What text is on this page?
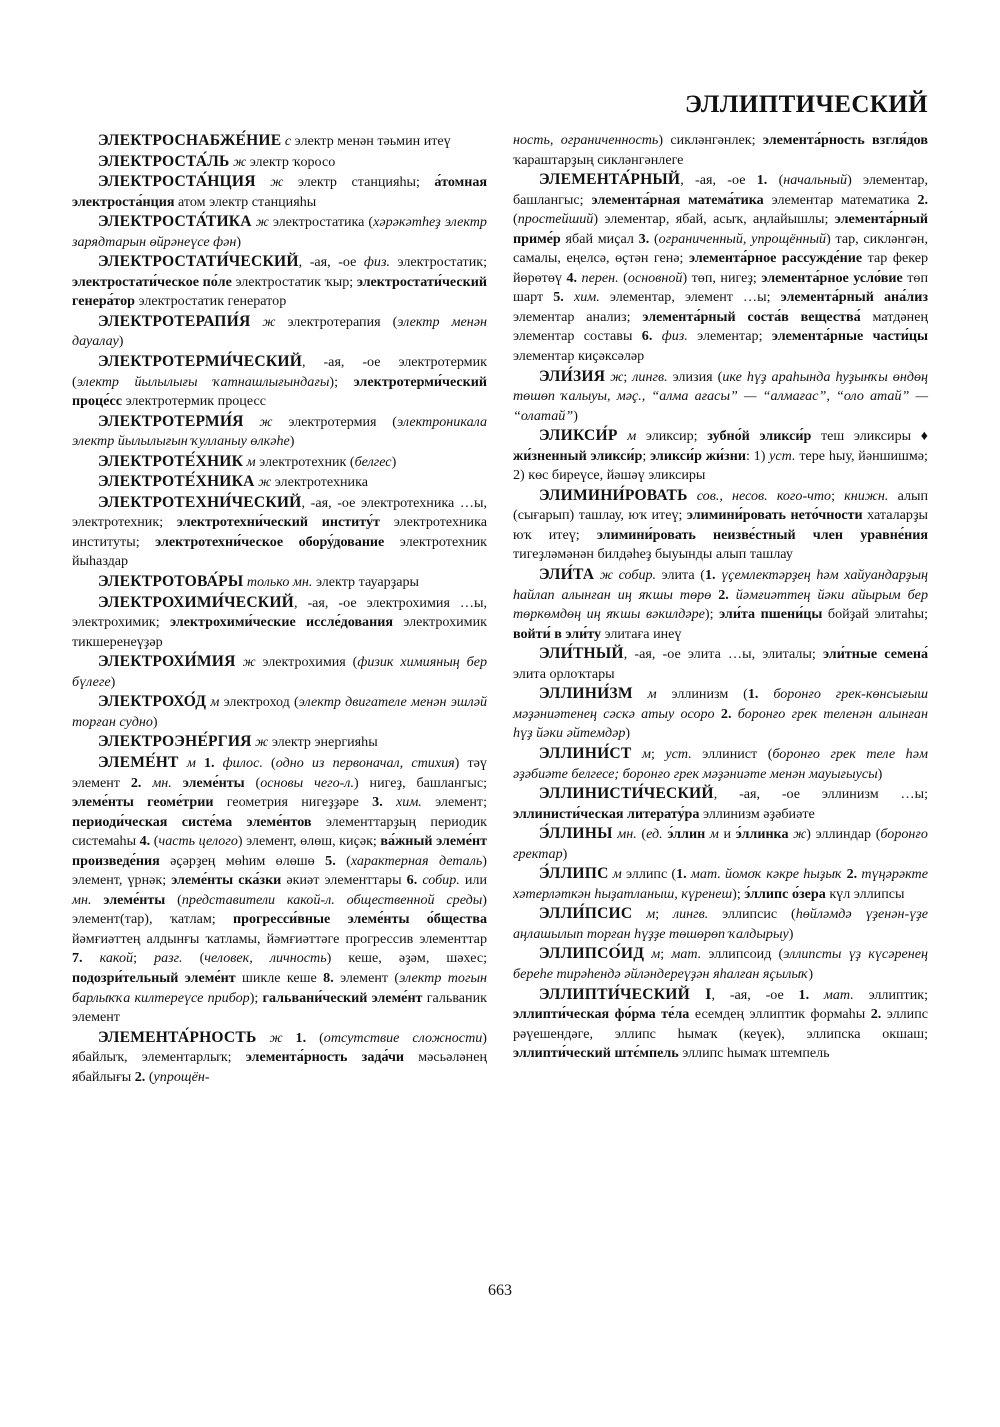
ЭЛЛИПТИЧЕСКИЙ

ЭЛЕКТРОСНАБЖЕ́НИЕ с электр менән тәьмин итеү

ЭЛЕКТРОСТА́ЛЬ ж электр ҡоросо

ЭЛЕКТРОСТА́НЦИЯ ж электр станцияһы; а́томная электроста́нция атом электр станцияһы

ЭЛЕКТРОСТА́ТИКА ж электростатика (хәрәкәтһеҙ электр зарядтарын өйрәнеүсе фән)

ЭЛЕКТРОСТАТИ́ЧЕСКИЙ, -ая, -ое физ. электростатик; электростати́ческое по́ле электростатик ҡыр; электростати́ческий генера́тор электростатик генератор

ЭЛЕКТРОТЕРАПИ́Я ж электротерапия (электр менән дауалау)

ЭЛЕКТРОТЕРМИ́ЧЕСКИЙ, -ая, -ое электротермик (электр йылылығы ҡатнашлығындағы); электротерми́ческий проце́сс электротермик процесс

ЭЛЕКТРОТЕРМИ́Я ж электротермия (электроникала электр йылылығын ҡулланыу өлкәһе)

ЭЛЕКТРОТЕ́ХНИК м электротехник (белгес)

ЭЛЕКТРОТЕ́ХНИКА ж электротехника

ЭЛЕКТРОТЕХНИ́ЧЕСКИЙ, -ая, -ое электротехника …ы, электротехник; электротехни́ческий институ́т электротехника институты; электротехни́ческое обору́дование электротехник йыһаздар

ЭЛЕКТРОТОВА́РЫ только мн. электр тауарҙары

ЭЛЕКТРОХИМИ́ЧЕСКИЙ, -ая, -ое электрохимия …ы, электрохимик; электрохими́ческие иссле́дования электрохимик тикшеренеүҙәр

ЭЛЕКТРОХИ́МИЯ ж электрохимия (физик химияның бер бүлеге)

ЭЛЕКТРОХО́Д м электроход (электр двигателе менән эшләй торған судно)

ЭЛЕКТРОЭНЕ́РГИЯ ж электр энергияһы

ЭЛЕМЕ́НТ м 1. филос. (одно из первоначал, стихия) тәү элемент 2. мн. элеме́нты (основы чего-л.) нигеҙ, башлангыс; элеме́нты геоме́трии геометрия нигеҙҙәре 3. хим. элемент; периоди́ческая систе́ма элеме́нтов элементтарҙың периодик системаһы 4. (часть целого) элемент, өлөш, киҫәк; ва́жный элеме́нт произведе́ния әҫәрҙең мөһим өлөшө 5. (характерная деталь) элемент, үрнәк; элеме́нты ска́зки әкиәт элементтары 6. собир. или мн. элеме́нты (представители какой-л. общественной среды) элемент(тар), ҡатлам; прогресси́вные элеме́нты о́бщества йәмғиәттең алдынғы ҡатламы, йәмғиәттәге прогрессив элементтар 7. какой; разг. (человек, личность) кеше, әҙәм, шәхес; подозри́тельный элеме́нт шикле кеше 8. элемент (электр тогын барлыҡҡа килтереүсе прибор); гальвани́ческий элеме́нт гальваник элемент

ЭЛЕМЕНТА́РНОСТЬ ж 1. (отсутствие сложности) ябайлыҡ, элементарлыҡ; элемента́рность зада́чи мәсьәләнең ябайлығы 2. (упрощён-

ность, ограниченность) сикләнгәнлек; элемента́рность взгля́дов ҡараштарҙың сикләнгәнлеге

ЭЛЕМЕНТА́РНЫЙ, -ая, -ое 1. (начальный) элементар, башлангыс; элемента́рная матема́тика элементар математика 2. (простейший) элементар, ябай, асыҡ, аңлайышлы; элемента́рный приме́р ябай миҫал 3. (ограниченный, упрощённый) тар, сикләнгән, самалы, еңелсә, өҫтән генә; элемента́рное рассужде́ние тар фекер йөрөтөү 4. перен. (основной) төп, нигеҙ; элемента́рное усло́вие төп шарт 5. хим. элементар, элемент …ы; элемента́рный ана́лиз элементар анализ; элемента́рный соста́в вещества́ матдәнең элементар составы 6. физ. элементар; элемента́рные части́цы элементар киҫәксәләр

ЭЛИ́ЗИЯ ж; лингв. элизия (ике һүҙ араһында һуҙынҡы өндөң төшөп ҡалыуы, мәҫ., “алма ағасы” — “алмағас”, “оло атай” — “олатай”)

ЭЛИКСИ́Р м эликсир; зубно́й эликси́р теш эликсиры ♦ жи́зненный эликси́р; эликси́р жи́зни: 1) уст. тере һыу, йәншишмә; 2) көс биреүсе, йәшәү эликсиры

ЭЛИМИНИ́РОВАТЬ сов., несов. кого-что; книжн. алып (сығарып) ташлау, юҡ итеү; элимини́ровать нето́чности хаталарҙы юҡ итеү; элимини́ровать неизве́стный член уравне́ния тигеҙләмәнән билдәһеҙ быуынды алып ташлау

ЭЛИ́ТА ж собир. элита (1. үҫемлектәрҙең һәм хайуандарҙың һайлап алынған иң яҡшы төрө 2. йәмғиәттең йәки айырым бер төркөмдөң иң яҡшы вәкилдәре); эли́та пшени́цы бойҙай элитаһы; войти́ в эли́ту элитаға инеү

ЭЛИ́ТНЫЙ, -ая, -ое элита …ы, элиталы; эли́тные семена́ элита орлоҡтары

ЭЛЛИНИ́ЗМ м эллинизм (1. боронғо грек-көнсығыш мәҙәниәтенең сәскә атыу осоро 2. боронғо грек теленән алынған һүҙ йәки әйтемдәр)

ЭЛЛИНИ́СТ м; уст. эллинист (боронғо грек теле һәм әҙәбиәте белгесе; боронғо грек мәҙәниәте менән мауығыусы)

ЭЛЛИНИСТИ́ЧЕСКИЙ, -ая, -ое эллинизм …ы; эллинисти́ческая литерату́ра эллинизм әҙәбиәте

Э́ЛЛИНЫ мн. (ед. э́ллин м и э́ллинка ж) эллиндар (боронғо гректар)

Э́ЛЛИПС м эллипс (1. мат. йомоҡ кәкре һыҙыҡ 2. түңәрәкте хәтерләткән һыҙатланыш, күренеш); э́ллипс о́зера күл эллипсы

ЭЛЛИ́ПСИС м; лингв. эллипсис (һөйләмдә үҙенән-үҙе аңлашылып торған һүҙҙе төшөрөп ҡалдырыу)

ЭЛЛИПСО́ИД м; мат. эллипсоид (эллипсты үҙ күсәренең береһе тирәһендә әйләндереүҙән яһалған яҫылыҡ)

ЭЛЛИПТИ́ЧЕСКИЙ I, -ая, -ое 1. мат. эллиптик; эллипти́ческая фо́рма те́ла есемдең эллиптик формаһы 2. эллипс рәүешендәге, эллипс һымаҡ (кеүек), эллипска окшаш; эллипти́ческий штє́мпель эллипс һымаҡ штемпель

663
